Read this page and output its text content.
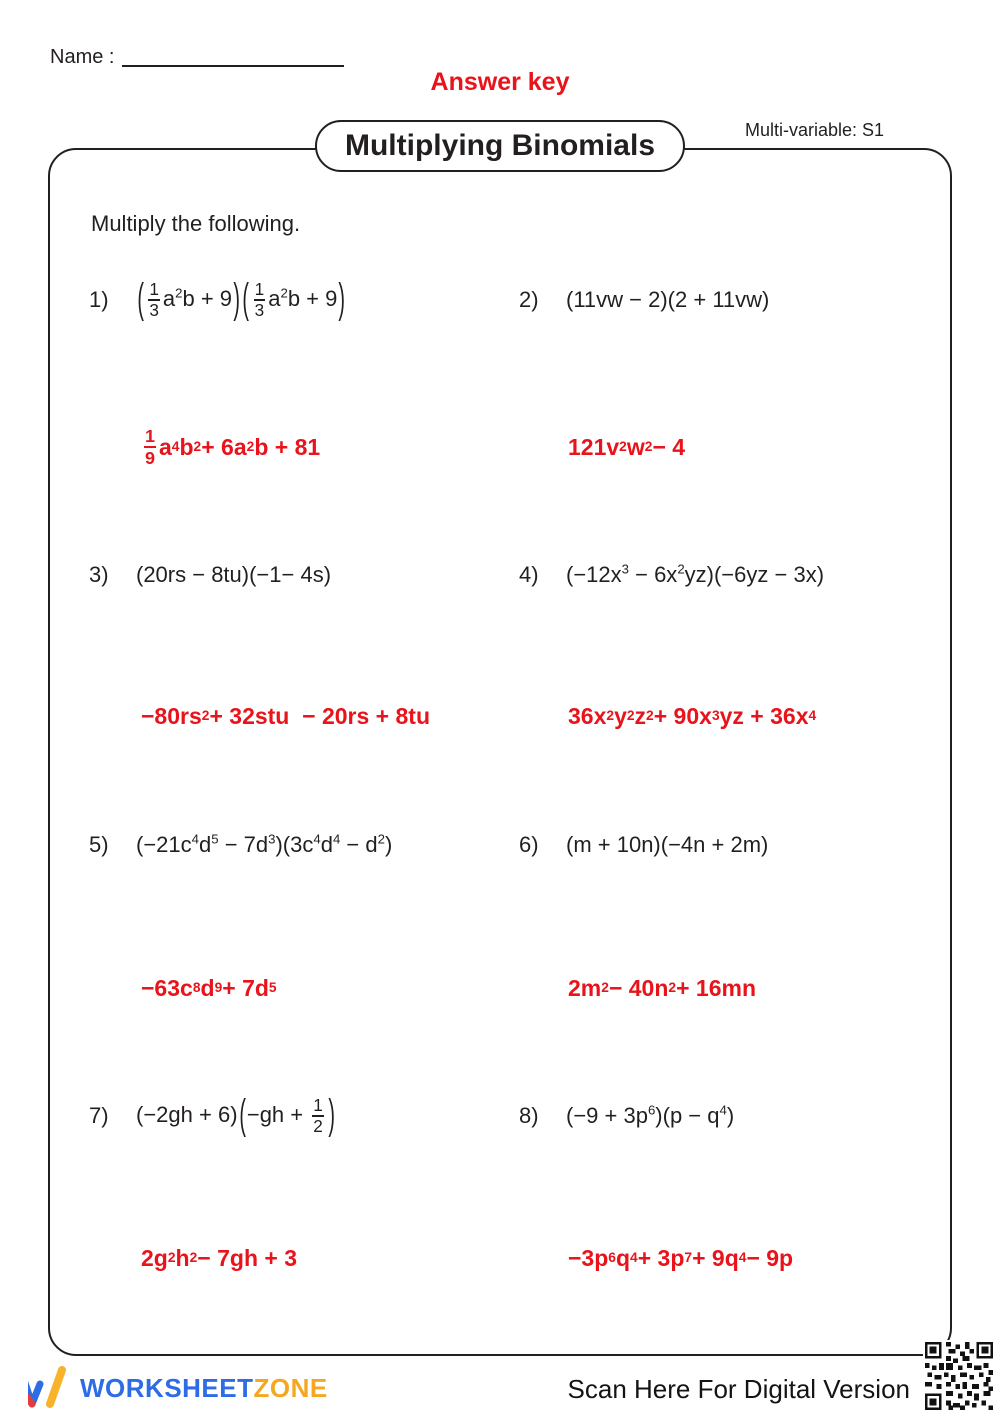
Name :
Answer key
Multi-variable: S1
Multiplying Binomials
Multiply the following.
1)	( $\frac{1}{3} a^2b + 9$) ( $\frac{1}{3} a^2b + 9$)	2)	(11vw − 2)(2 + 11vw)
$\frac{1}{9}$ a 4 b 2 + 6a 2 b + 81	121v 2 w 2 − 4
3)	(20rs − 8tu)(−1− 4s)	4)	$(-12x^3 - 6x^2yz)(-6yz - 3x)$
−80rs 2 + 32stu  − 20rs + 8tu	36x 2 y 2 z 2 + 90x 3 yz + 36x 4
5)	$(-21c^4d^5 - 7d^3)(3c^4d^4 - d^2)$	6)	(m + 10n)(−4n + 2m)
−63c 8 d 9 + 7d 5	2m 2 − 40n 2 + 16mn
7)	$(-2gh + 6)(-gh + \frac{1}{2}$ )	8)	$(-9 + 3p^6)(p - q^4)$
2g 2 h 2 − 7gh + 3	−3p 6 q 4 + 3p 7 + 9q 4 − 9p
WORKSHEETZONE	Scan Here For Digital Version
